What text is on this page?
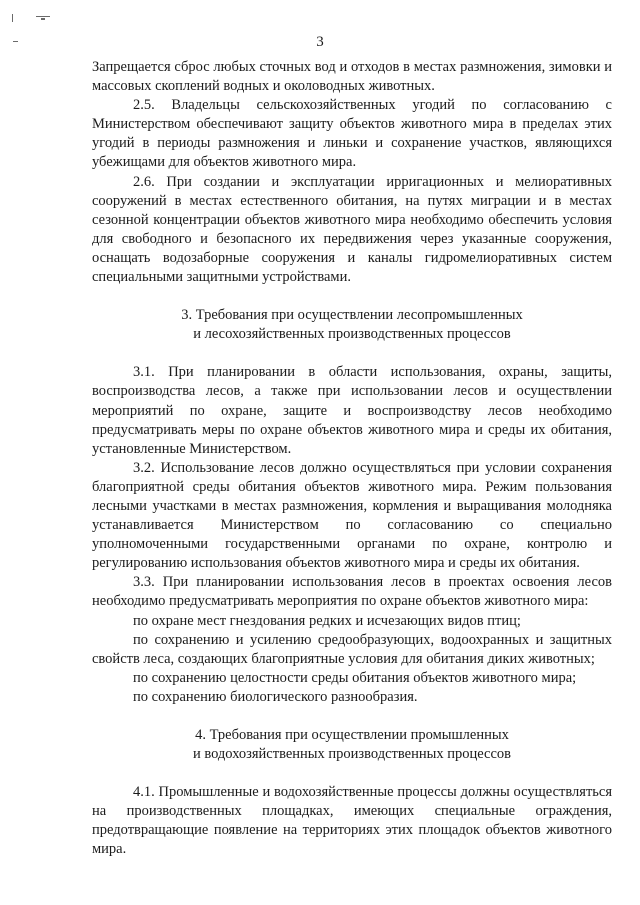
3

Запрещается сброс любых сточных вод и отходов в местах размножения, зимовки и массовых скоплений водных и околоводных животных.

2.5. Владельцы сельскохозяйственных угодий по согласованию с Министерством обеспечивают защиту объектов животного мира в пределах этих угодий в периоды размножения и линьки и сохранение участков, являющихся убежищами для объектов животного мира.

2.6. При создании и эксплуатации ирригационных и мелиоративных сооружений в местах естественного обитания, на путях миграции и в местах сезонной концентрации объектов животного мира необходимо обеспечить условия для свободного и безопасного их передвижения через указанные сооружения, оснащать водозаборные сооружения и каналы гидромелиоративных систем специальными защитными устройствами.

3. Требования при осуществлении лесопромышленных

и лесохозяйственных производственных процессов

3.1. При планировании в области использования, охраны, защиты, воспроизводства лесов, а также при использовании лесов и осуществлении мероприятий по охране, защите и воспроизводству лесов необходимо предусматривать меры по охране объектов животного мира и среды их обитания, установленные Министерством.

3.2. Использование лесов должно осуществляться при условии сохранения благоприятной среды обитания объектов животного мира. Режим пользования лесными участками в местах размножения, кормления и выращивания молодняка устанавливается Министерством по согласованию со специально уполномоченными государственными органами по охране, контролю и регулированию использования объектов животного мира и среды их обитания.

3.3. При планировании использования лесов в проектах освоения лесов необходимо предусматривать мероприятия по охране объектов животного мира:

по охране мест гнездования редких и исчезающих видов птиц;

по сохранению и усилению средообразующих, водоохранных и защитных свойств леса, создающих благоприятные условия для обитания диких животных;

по сохранению целостности среды обитания объектов животного мира;

по сохранению биологического разнообразия.

4. Требования при осуществлении промышленных

и водохозяйственных производственных процессов

4.1. Промышленные и водохозяйственные процессы должны осуществляться на производственных площадках, имеющих специальные ограждения, предотвращающие появление на территориях этих площадок объектов животного мира.
